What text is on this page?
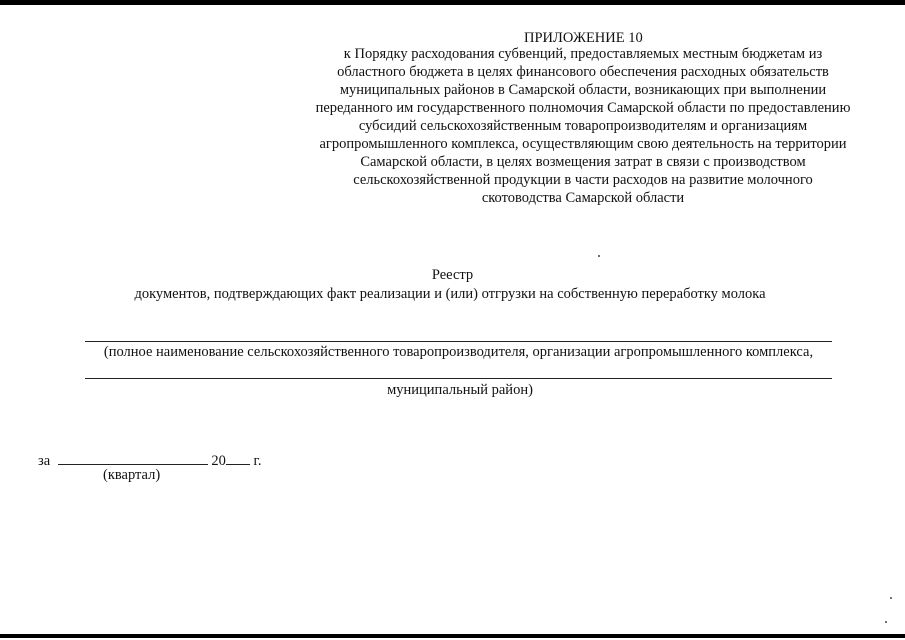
ПРИЛОЖЕНИЕ 10
к Порядку расходования субвенций, предоставляемых местным бюджетам из
областного бюджета в целях финансового обеспечения расходных обязательств
муниципальных районов в Самарской области, возникающих при выполнении
переданного им государственного полномочия Самарской области по предоставлению
субсидий сельскохозяйственным товаропроизводителям и организациям
агропромышленного комплекса, осуществляющим свою деятельность на территории
Самарской области, в целях возмещения затрат в связи с производством
сельскохозяйственной продукции в части расходов на развитие молочного
скотоводства Самарской области
Реестр
документов, подтверждающих факт реализации и (или) отгрузки на собственную переработку молока
(полное наименование сельскохозяйственного товаропроизводителя, организации агропромышленного комплекса,
муниципальный район)
за	20 г.
(квартал)
